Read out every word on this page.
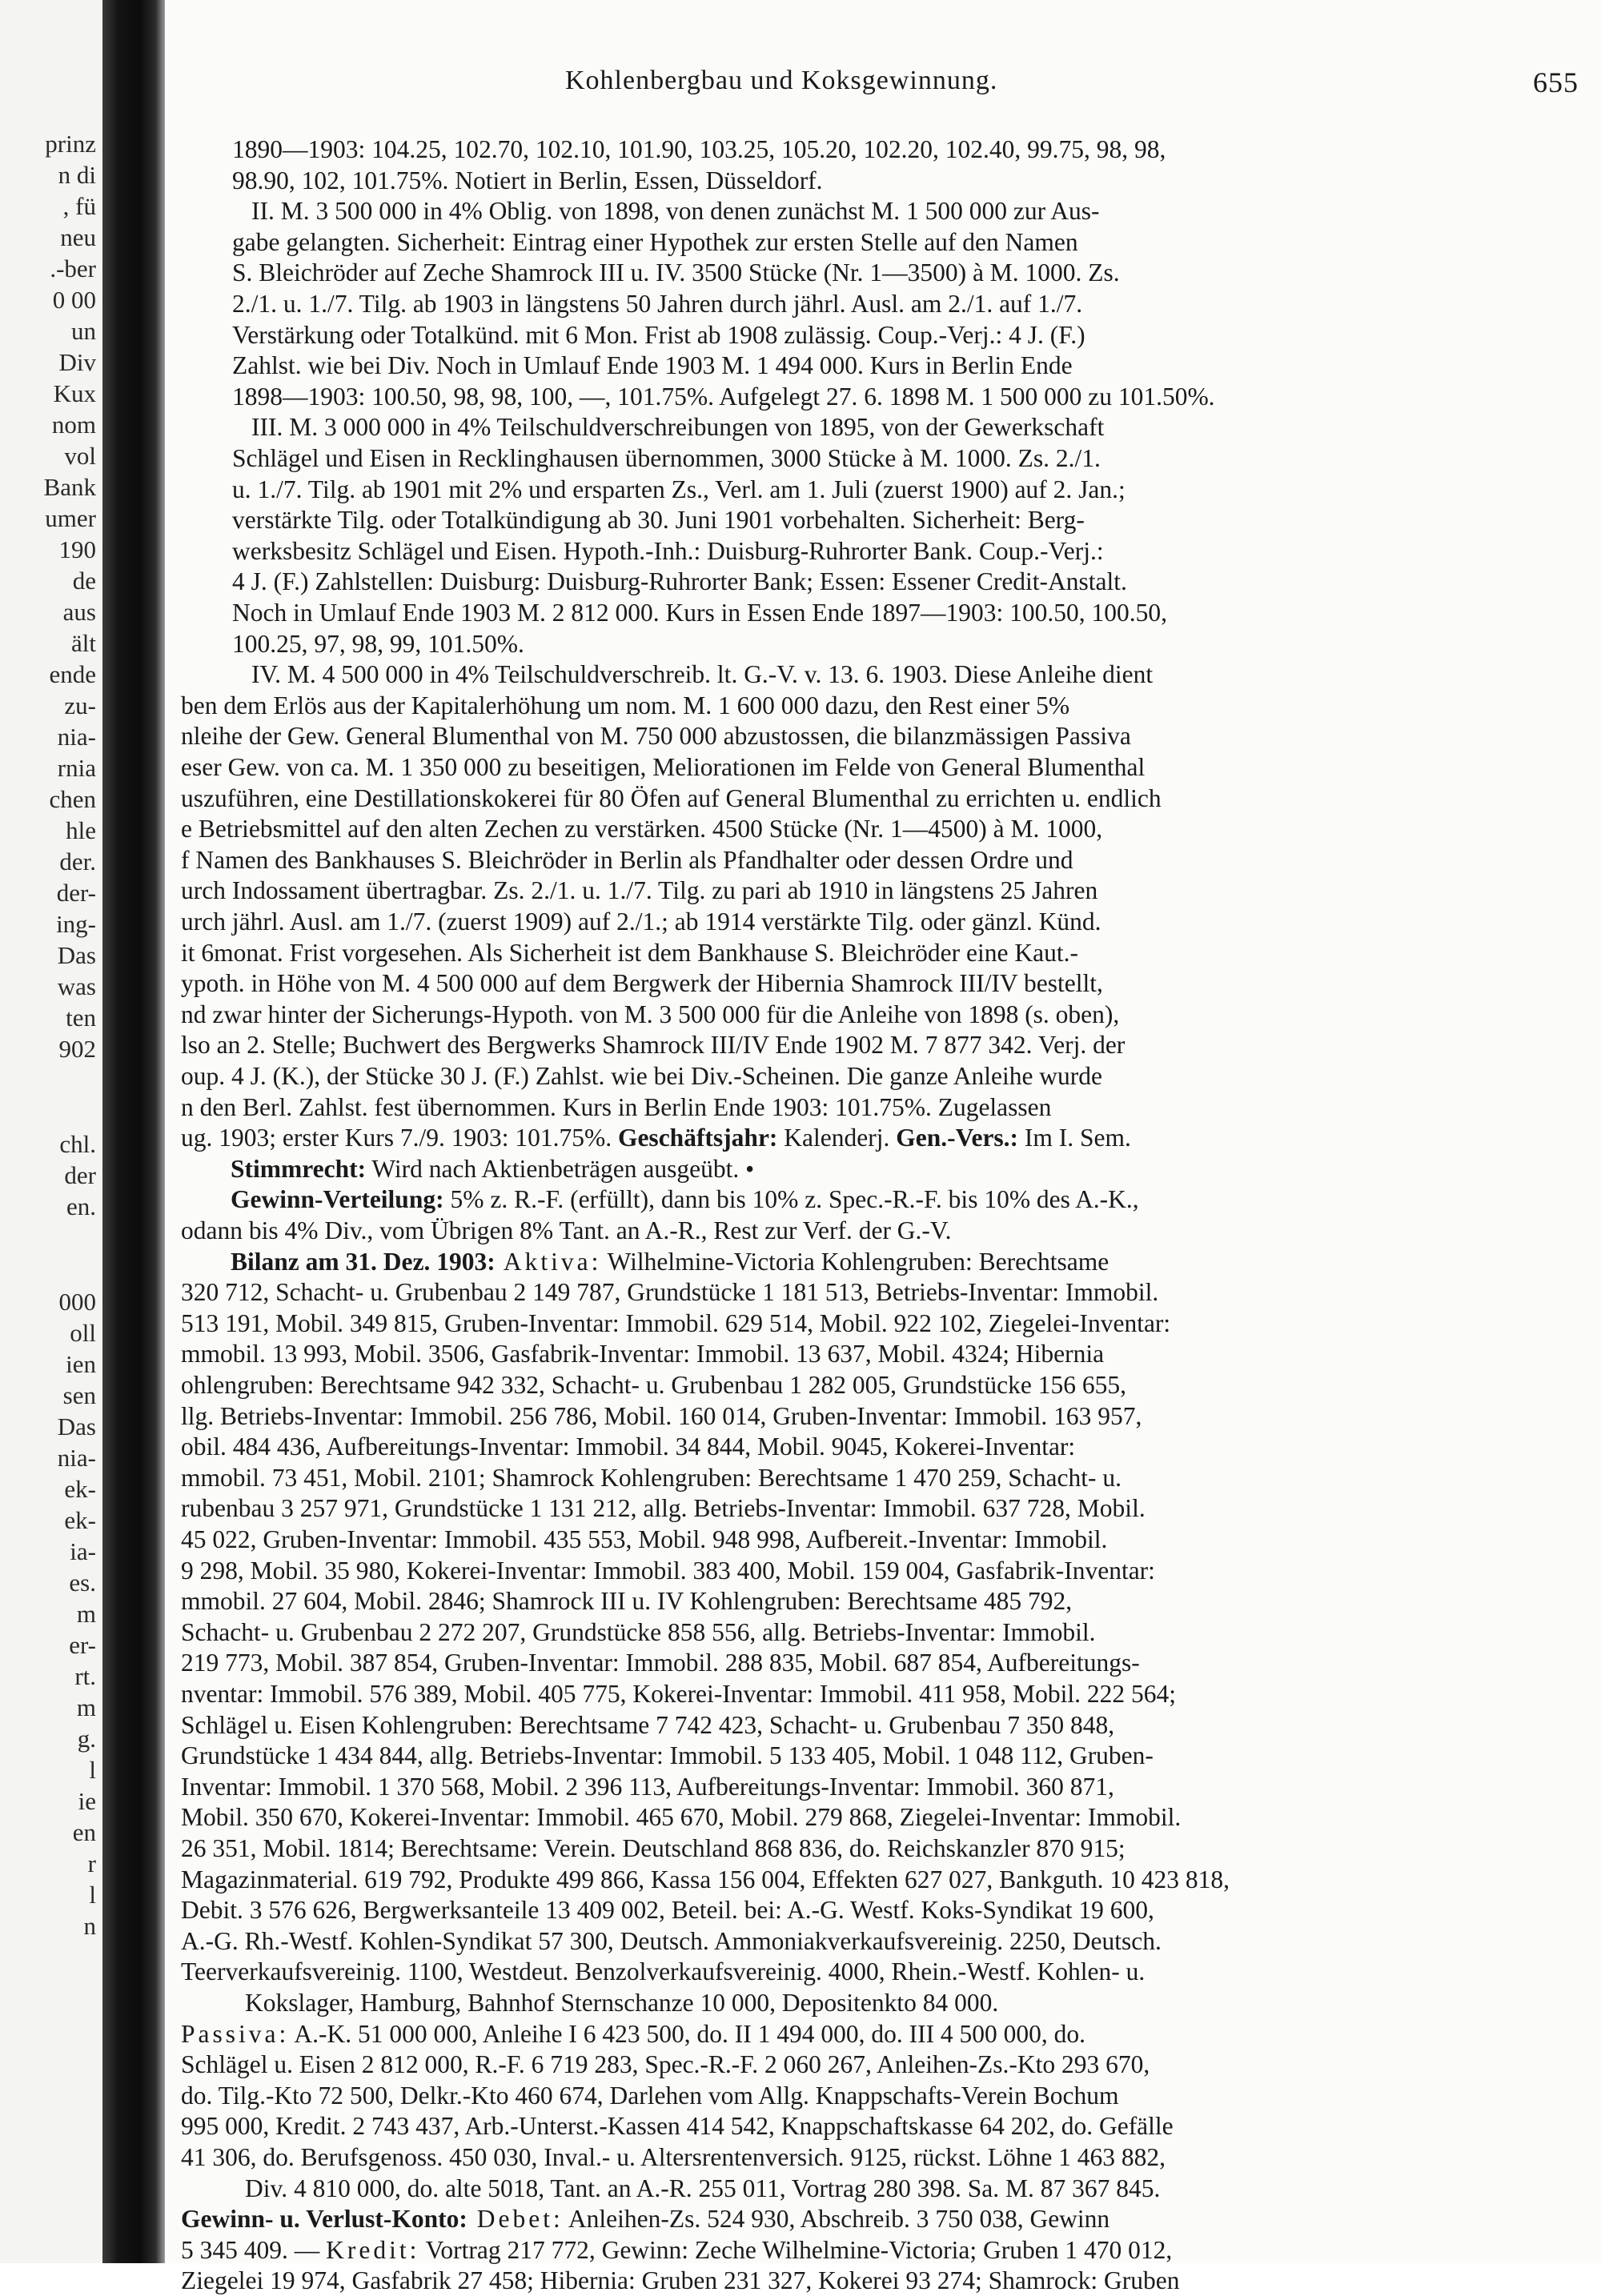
prinz
n di
, fü
neu
.-ber
0 00
un
Div
Kux
nom
vol
Bank
umer
190
de
aus
ält
ende
zu-
nia-
rnia
chen
hle
der.
der-
ing-
Das
was
ten
902
chl.
der
en.
000
oll
ien
sen
Das
nia-
ek-
ek-
ia-
es.
m
er-
rt.
m
g.
l
ie
en
r
l
n
Kohlenbergbau und Koksgewinnung.	655
1890—1903: 104.25, 102.70, 102.10, 101.90, 103.25, 105.20, 102.20, 102.40, 99.75, 98, 98,
98.90, 102, 101.75%. Notiert in Berlin, Essen, Düsseldorf.
II. M. 3 500 000 in 4% Oblig. von 1898, von denen zunächst M. 1 500 000 zur Aus-
gabe gelangten. Sicherheit: Eintrag einer Hypothek zur ersten Stelle auf den Namen
S. Bleichröder auf Zeche Shamrock III u. IV. 3500 Stücke (Nr. 1—3500) à M. 1000. Zs.
2./1. u. 1./7. Tilg. ab 1903 in längstens 50 Jahren durch jährl. Ausl. am 2./1. auf 1./7.
Verstärkung oder Totalkünd. mit 6 Mon. Frist ab 1908 zulässig. Coup.-Verj.: 4 J. (F.)
Zahlst. wie bei Div. Noch in Umlauf Ende 1903 M. 1 494 000. Kurs in Berlin Ende
1898—1903: 100.50, 98, 98, 100, —, 101.75%. Aufgelegt 27. 6. 1898 M. 1 500 000 zu 101.50%.
III. M. 3 000 000 in 4% Teilschuldverschreibungen von 1895, von der Gewerkschaft
Schlägel und Eisen in Recklinghausen übernommen, 3000 Stücke à M. 1000. Zs. 2./1.
u. 1./7. Tilg. ab 1901 mit 2% und ersparten Zs., Verl. am 1. Juli (zuerst 1900) auf 2. Jan.;
verstärkte Tilg. oder Totalkündigung ab 30. Juni 1901 vorbehalten. Sicherheit: Berg-
werksbesitz Schlägel und Eisen. Hypoth.-Inh.: Duisburg-Ruhrorter Bank. Coup.-Verj.:
4 J. (F.) Zahlstellen: Duisburg: Duisburg-Ruhrorter Bank; Essen: Essener Credit-Anstalt.
Noch in Umlauf Ende 1903 M. 2 812 000. Kurs in Essen Ende 1897—1903: 100.50, 100.50,
100.25, 97, 98, 99, 101.50%.
IV. M. 4 500 000 in 4% Teilschuldverschreib. lt. G.-V. v. 13. 6. 1903. Diese Anleihe dient
ben dem Erlös aus der Kapitalerhöhung um nom. M. 1 600 000 dazu, den Rest einer 5%
nleihe der Gew. General Blumenthal von M. 750 000 abzustossen, die bilanzmässigen Passiva
eser Gew. von ca. M. 1 350 000 zu beseitigen, Meliorationen im Felde von General Blumenthal
uszuführen, eine Destillationskokerei für 80 Öfen auf General Blumenthal zu errichten u. endlich
e Betriebsmittel auf den alten Zechen zu verstärken. 4500 Stücke (Nr. 1—4500) à M. 1000,
f Namen des Bankhauses S. Bleichröder in Berlin als Pfandhalter oder dessen Ordre und
urch Indossament übertragbar. Zs. 2./1. u. 1./7. Tilg. zu pari ab 1910 in längstens 25 Jahren
urch jährl. Ausl. am 1./7. (zuerst 1909) auf 2./1.; ab 1914 verstärkte Tilg. oder gänzl. Künd.
it 6monat. Frist vorgesehen. Als Sicherheit ist dem Bankhause S. Bleichröder eine Kaut.-
ypoth. in Höhe von M. 4 500 000 auf dem Bergwerk der Hibernia Shamrock III/IV bestellt,
nd zwar hinter der Sicherungs-Hypoth. von M. 3 500 000 für die Anleihe von 1898 (s. oben),
lso an 2. Stelle; Buchwert des Bergwerks Shamrock III/IV Ende 1902 M. 7 877 342. Verj. der
oup. 4 J. (K.), der Stücke 30 J. (F.) Zahlst. wie bei Div.-Scheinen. Die ganze Anleihe wurde
n den Berl. Zahlst. fest übernommen. Kurs in Berlin Ende 1903: 101.75%. Zugelassen
ug. 1903; erster Kurs 7./9. 1903: 101.75%. Geschäftsjahr: Kalenderj. Gen.-Vers.: Im I. Sem.
Stimmrecht: Wird nach Aktienbeträgen ausgeübt. •
Gewinn-Verteilung: 5% z. R.-F. (erfüllt), dann bis 10% z. Spec.-R.-F. bis 10% des A.-K.,
odann bis 4% Div., vom Übrigen 8% Tant. an A.-R., Rest zur Verf. der G.-V.
Bilanz am 31. Dez. 1903: Aktiva: Wilhelmine-Victoria Kohlengruben: Berechtsame
320 712, Schacht- u. Grubenbau 2 149 787, Grundstücke 1 181 513, Betriebs-Inventar: Immobil.
513 191, Mobil. 349 815, Gruben-Inventar: Immobil. 629 514, Mobil. 922 102, Ziegelei-Inventar:
mmobil. 13 993, Mobil. 3506, Gasfabrik-Inventar: Immobil. 13 637, Mobil. 4324; Hibernia
ohlengruben: Berechtsame 942 332, Schacht- u. Grubenbau 1 282 005, Grundstücke 156 655,
llg. Betriebs-Inventar: Immobil. 256 786, Mobil. 160 014, Gruben-Inventar: Immobil. 163 957,
obil. 484 436, Aufbereitungs-Inventar: Immobil. 34 844, Mobil. 9045, Kokerei-Inventar:
mmobil. 73 451, Mobil. 2101; Shamrock Kohlengruben: Berechtsame 1 470 259, Schacht- u.
rubenbau 3 257 971, Grundstücke 1 131 212, allg. Betriebs-Inventar: Immobil. 637 728, Mobil.
45 022, Gruben-Inventar: Immobil. 435 553, Mobil. 948 998, Aufbereit.-Inventar: Immobil.
9 298, Mobil. 35 980, Kokerei-Inventar: Immobil. 383 400, Mobil. 159 004, Gasfabrik-Inventar:
mmobil. 27 604, Mobil. 2846; Shamrock III u. IV Kohlengruben: Berechtsame 485 792,
Schacht- u. Grubenbau 2 272 207, Grundstücke 858 556, allg. Betriebs-Inventar: Immobil.
219 773, Mobil. 387 854, Gruben-Inventar: Immobil. 288 835, Mobil. 687 854, Aufbereitungs-
nventar: Immobil. 576 389, Mobil. 405 775, Kokerei-Inventar: Immobil. 411 958, Mobil. 222 564;
Schlägel u. Eisen Kohlengruben: Berechtsame 7 742 423, Schacht- u. Grubenbau 7 350 848,
Grundstücke 1 434 844, allg. Betriebs-Inventar: Immobil. 5 133 405, Mobil. 1 048 112, Gruben-
Inventar: Immobil. 1 370 568, Mobil. 2 396 113, Aufbereitungs-Inventar: Immobil. 360 871,
Mobil. 350 670, Kokerei-Inventar: Immobil. 465 670, Mobil. 279 868, Ziegelei-Inventar: Immobil.
26 351, Mobil. 1814; Berechtsame: Verein. Deutschland 868 836, do. Reichskanzler 870 915;
Magazinmaterial. 619 792, Produkte 499 866, Kassa 156 004, Effekten 627 027, Bankguth. 10 423 818,
Debit. 3 576 626, Bergwerksanteile 13 409 002, Beteil. bei: A.-G. Westf. Koks-Syndikat 19 600,
A.-G. Rh.-Westf. Kohlen-Syndikat 57 300, Deutsch. Ammoniakverkaufsvereinig. 2250, Deutsch.
Teerverkaufsvereinig. 1100, Westdeut. Benzolverkaufsvereinig. 4000, Rhein.-Westf. Kohlen- u.
Kokslager, Hamburg, Bahnhof Sternschanze 10 000, Depositenkto 84 000.
Passiva: A.-K. 51 000 000, Anleihe I 6 423 500, do. II 1 494 000, do. III 4 500 000, do.
Schlägel u. Eisen 2 812 000, R.-F. 6 719 283, Spec.-R.-F. 2 060 267, Anleihen-Zs.-Kto 293 670,
do. Tilg.-Kto 72 500, Delkr.-Kto 460 674, Darlehen vom Allg. Knappschafts-Verein Bochum
995 000, Kredit. 2 743 437, Arb.-Unterst.-Kassen 414 542, Knappschaftskasse 64 202, do. Gefälle
41 306, do. Berufsgenoss. 450 030, Inval.- u. Altersrentenversich. 9125, rückst. Löhne 1 463 882,
Div. 4 810 000, do. alte 5018, Tant. an A.-R. 255 011, Vortrag 280 398. Sa. M. 87 367 845.
Gewinn- u. Verlust-Konto: Debet: Anleihen-Zs. 524 930, Abschreib. 3 750 038, Gewinn
5 345 409. — Kredit: Vortrag 217 772, Gewinn: Zeche Wilhelmine-Victoria; Gruben 1 470 012,
Ziegelei 19 974, Gasfabrik 27 458; Hibernia: Gruben 231 327, Kokerei 93 274; Shamrock: Gruben
